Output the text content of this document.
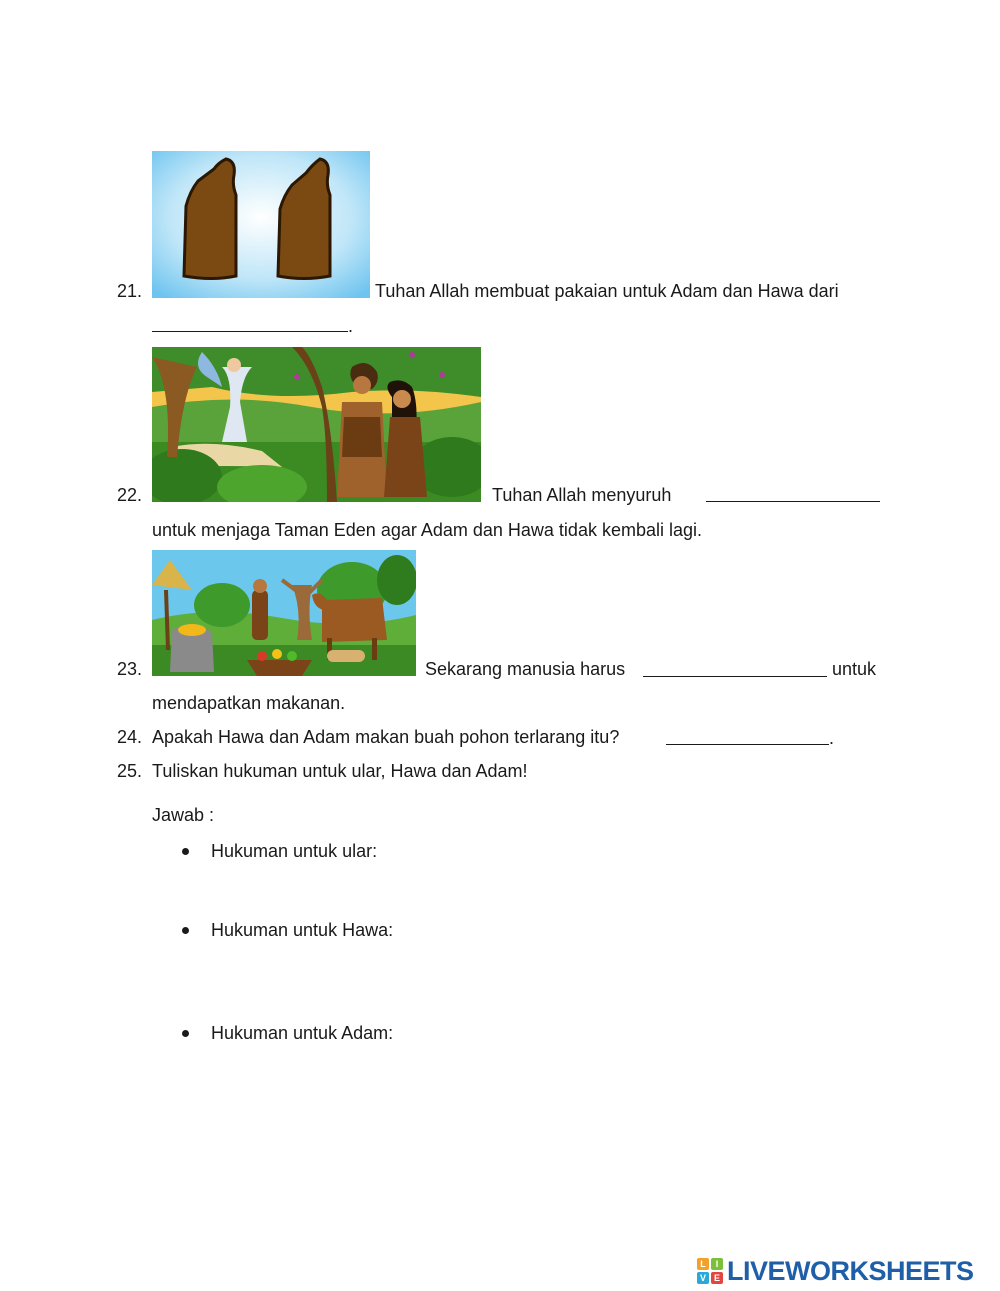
21.	Tuhan Allah membuat pakaian untuk Adam dan Hawa dari
.
22.	Tuhan Allah menyuruh
untuk menjaga Taman Eden agar Adam dan Hawa tidak kembali lagi.
23.	Sekarang manusia harus	untuk
mendapatkan makanan.
24. Apakah Hawa dan Adam makan buah pohon terlarang itu?	.
25. Tuliskan hukuman untuk ular, Hawa dan Adam!
Jawab :
Hukuman untuk ular:
Hukuman untuk Hawa:
Hukuman untuk Adam:
L	I
V E LIVEWORKSHEETS
